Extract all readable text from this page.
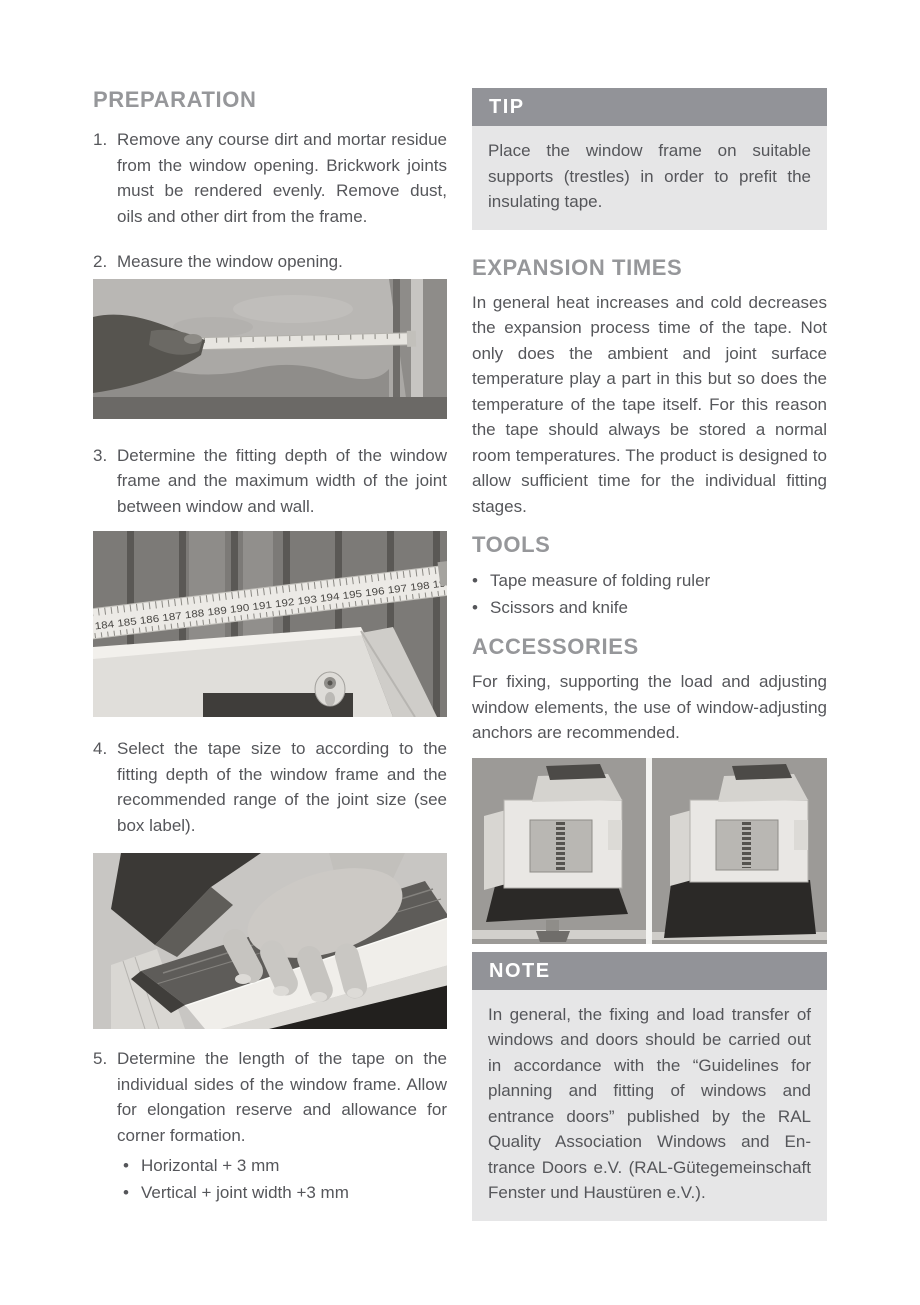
PREPARATION
1. Remove any course dirt and mortar residue from the window opening. Brickwork joints must be rendered evenly. Remove dust, oils and other dirt from the frame.
2. Measure the window opening.
3. Determine the fitting depth of the window frame and the maximum width of the joint between window and wall.
184 185 186 187 188 189 190 191 192 193 194 195 196 197 198 199
4. Select the tape size to according to the fitting depth of the window frame and the recommended range of the joint size (see box label).
5. Determine the length of the tape on the individual sides of the window frame. Allow for elongation reserve and allowance for corner formation.
• Horizontal + 3 mm
• Vertical + joint width +3 mm
TIP
Place the window frame on suitable supports (trestles) in order to prefit the insulating tape.
EXPANSION TIMES
In general heat increases and cold decreases the expansion process time of the tape. Not only does the ambient and joint surface temperature play a part in this but so does the temperature of the tape itself. For this reason the tape should always be stored a normal room temperatures. The product is designed to allow sufficient time for the individual fitting stages.
TOOLS
• Tape measure of folding ruler
• Scissors and knife
ACCESSORIES
For fixing, supporting the load and adjusting window elements, the use of window-adjusting anchors are recommended.
NOTE
In general, the fixing and load transfer of windows and doors should be carried out in accordance with the “Guidelines for planning and fitting of windows and entrance doors” published by the RAL Quality Association Windows and Entrance Doors e.V. (RAL-Gütegemeinschaft Fenster und Haustüren e.V.).
